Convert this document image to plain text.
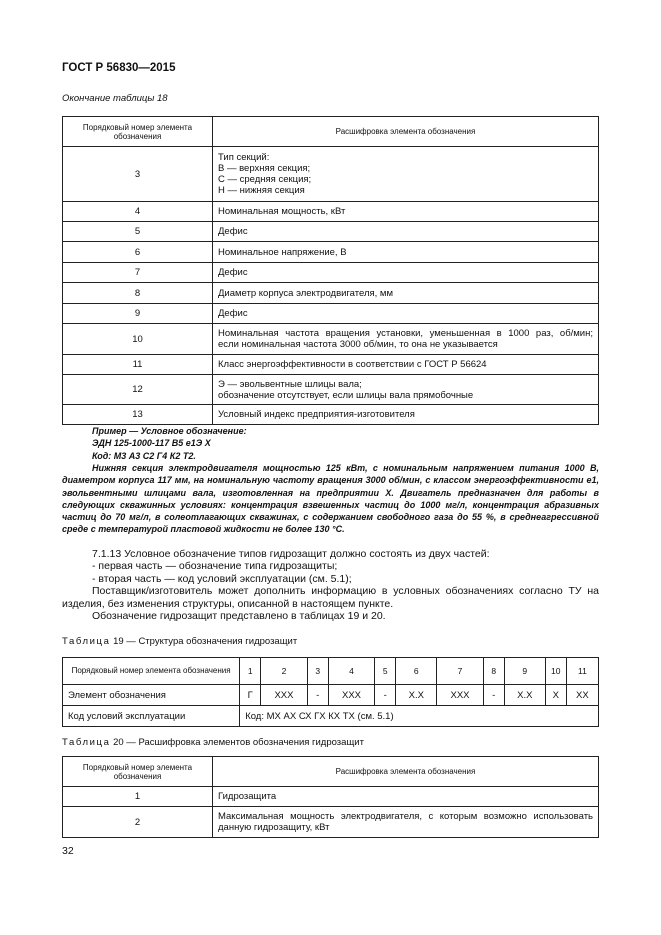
ГОСТ Р 56830—2015
Окончание таблицы 18
Порядковый номер элемента обозначения	Расшифровка элемента обозначения
3	Тип секций:
В — верхняя секция;
С — средняя секция;
Н — нижняя секция

4	Номинальная мощность, кВт
5	Дефис
6	Номинальное напряжение, В
7	Дефис
8	Диаметр корпуса электродвигателя, мм
9	Дефис
10	Номинальная частота вращения установки, уменьшенная в 1000 раз, об/мин;
если номинальная частота 3000 об/мин, то она не указывается

11	Класс энергоэффективности в соответствии с ГОСТ Р 56624
12	Э — эвольвентные шлицы вала;
обозначение отсутствует, если шлицы вала прямобочные

13	Условный индекс предприятия-изготовителя
Пример — Условное обозначение:
ЭДН 125-1000-117 В5 е1Э Х
Код: М3 А3 С2 Г4 К2 Т2.
Нижняя секция электродвигателя мощностью 125 кВт, с номинальным напряжением питания 1000 В, диаметром корпуса 117 мм, на номинальную частоту вращения 3000 об/мин, с классом энергоэффективности е1, эвольвентными шлицами вала, изготовленная на предприятии Х. Двигатель предназначен для работы в следующих скважинных условиях: концентрация взвешенных частиц до 1000 мг/л, концентрация абразивных частиц до 70 мг/л, в солеотлагающих скважинах, с содержанием свободного газа до 55 %, в среднеагрессивной среде с температурой пластовой жидкости не более 130 °С.

7.1.13 Условное обозначение типов гидрозащит должно состоять из двух частей:

- первая часть — обозначение типа гидрозащиты;

- вторая часть — код условий эксплуатации (см. 5.1);

Поставщик/изготовитель может дополнить информацию в условных обозначениях согласно ТУ на изделия, без изменения структуры, описанной в настоящем пункте.

Обозначение гидрозащит представлено в таблицах 19 и 20.

Таблица 19 — Структура обозначения гидрозащит
Порядковый номер элемента обозначения	1	2	3	4	5	6	7	8	9	10	11
Элемент обозначения	Г	ХХХ	-	ХХХ	-	Х.Х	ХХХ	-	Х.Х	Х	ХХ
Код условий эксплуатации	Код: МХ АХ СХ ГХ КХ ТХ (см. 5.1)										
Таблица 20 — Расшифровка элементов обозначения гидрозащит
Порядковый номер элемента обозначения	Расшифровка элемента обозначения
1	Гидрозащита
2	Максимальная мощность электродвигателя, с которым возможно использовать данную гидрозащиту, кВт
32
